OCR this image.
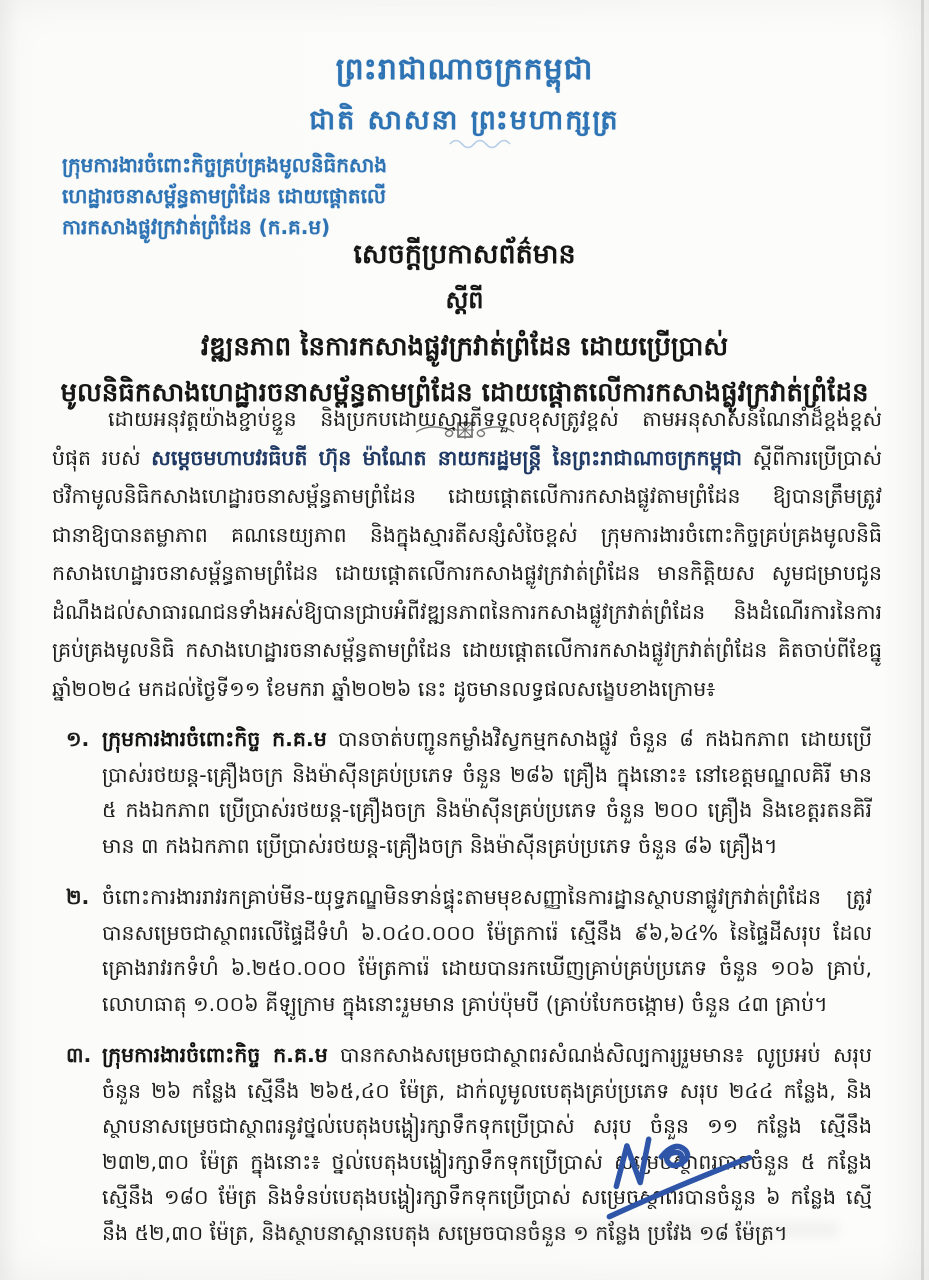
ព្រះរាជាណាចក្រកម្ពុជា
ជាតិ សាសនា ព្រះមហាក្សត្រ
ក្រុមការងារចំពោះកិច្ចគ្រប់គ្រងមូលនិធិកសាង
ហេដ្ឋារចនាសម្ព័ន្ធតាមព្រំដែន ដោយផ្តោតលើ
ការកសាងផ្លូវក្រវាត់ព្រំដែន (ក.គ.ម)
សេចក្តីប្រកាសព័ត៌មាន
ស្តីពី
វឌ្ឍនភាព នៃការកសាងផ្លូវក្រវាត់ព្រំដែន ដោយប្រើប្រាស់
មូលនិធិកសាងហេដ្ឋារចនាសម្ព័ន្ធតាមព្រំដែន ដោយផ្តោតលើការកសាងផ្លូវក្រវាត់ព្រំដែន

ដោយអនុវត្តយ៉ាងខ្ជាប់ខ្ជួន និងប្រកបដោយស្មារតីទទួលខុសត្រូវខ្ពស់ តាមអនុសាសន៍ណែនាំដ៏ខ្ពង់ខ្ពស់បំផុត របស់ សម្តេចមហាបវរធិបតី ហ៊ុន ម៉ាណែត នាយករដ្ឋមន្ត្រី នៃព្រះរាជាណាចក្រកម្ពុជា ស្តីពីការប្រើប្រាស់ថវិកាមូលនិធិកសាងហេដ្ឋារចនាសម្ព័ន្ធតាមព្រំដែន ដោយផ្តោតលើការកសាងផ្លូវតាមព្រំដែន ឱ្យបានត្រឹមត្រូវ ជានាឱ្យបានតម្លាភាព គណនេយ្យភាព និងក្នុងស្មារតីសន្សំសំចៃខ្ពស់ ក្រុមការងារចំពោះកិច្ចគ្រប់គ្រងមូលនិធិកសាងហេដ្ឋារចនាសម្ព័ន្ធតាមព្រំដែន ដោយផ្តោតលើការកសាងផ្លូវក្រវាត់ព្រំដែន មានកិត្តិយស សូមជម្រាបជូនដំណឹងដល់សាធារណជនទាំងអស់ឱ្យបានជ្រាបអំពីវឌ្ឍនភាពនៃការកសាងផ្លូវក្រវាត់ព្រំដែន និងដំណើរការនៃការគ្រប់គ្រងមូលនិធិ កសាងហេដ្ឋារចនាសម្ព័ន្ធតាមព្រំដែន ដោយផ្តោតលើការកសាងផ្លូវក្រវាត់ព្រំដែន គិតចាប់ពីខែធ្នូ ឆ្នាំ២០២៤ មកដល់ថ្ងៃទី១១ ខែមករា ឆ្នាំ២០២៦ នេះ ដូចមានលទ្ធផលសង្ខេបខាងក្រោម៖

១. ក្រុមការងារចំពោះកិច្ច ក.គ.ម បានចាត់បញ្ជូនកម្លាំងវិស្វកម្មកសាងផ្លូវ ចំនួន ៨ កងឯកភាព ដោយប្រើប្រាស់រថយន្ត-គ្រឿងចក្រ និងម៉ាស៊ីនគ្រប់ប្រភេទ ចំនួន ២៨៦ គ្រឿង ក្នុងនោះ៖ នៅខេត្តមណ្ឌលគិរី មាន ៥ កងឯកភាព ប្រើប្រាស់រថយន្ត-គ្រឿងចក្រ និងម៉ាស៊ីនគ្រប់ប្រភេទ ចំនួន ២០០ គ្រឿង និងខេត្តរតនគិរី មាន ៣ កងឯកភាព ប្រើប្រាស់រថយន្ត-គ្រឿងចក្រ និងម៉ាស៊ីនគ្រប់ប្រភេទ ចំនួន ៨៦ គ្រឿង។

២. ចំពោះការងាររាវរកគ្រាប់មីន-យុទ្ធភណ្ឌមិនទាន់ផ្ទុះតាមមុខសញ្ញានៃការដ្ឋានស្ថាបនាផ្លូវក្រវាត់ព្រំដែន ត្រូវបានសម្រេចជាស្ថាពរលើផ្ទៃដីទំហំ ៦.០៤០.០០០ ម៉ែត្រការ៉េ ស្មើនឹង ៩៦,៦៤% នៃផ្ទៃដីសរុប ដែលគ្រោងរាវរកទំហំ ៦.២៥០.០០០ ម៉ែត្រការ៉េ ដោយបានរកឃើញគ្រាប់គ្រប់ប្រភេទ ចំនួន ១០៦ គ្រាប់, លោហធាតុ ១.០០៦ គីឡូក្រាម ក្នុងនោះរួមមាន គ្រាប់ប៉ុមបី (គ្រាប់បែកចង្កោម) ចំនួន ៤៣ គ្រាប់។

៣. ក្រុមការងារចំពោះកិច្ច ក.គ.ម បានកសាងសម្រេចជាស្ថាពរសំណង់សិល្បការ្យរួមមាន៖ លូប្រអប់ សរុបចំនួន ២៦ កន្លែង ស្មើនឹង ២៦៥,៤០ ម៉ែត្រ, ដាក់លូមូលបេតុងគ្រប់ប្រភេទ សរុប ២៤៤ កន្លែង, និងស្ថាបនាសម្រេចជាស្ថាពរនូវថ្នល់បេតុងបង្ហៀរក្សាទឹកទុកប្រើប្រាស់ សរុប ចំនួន ១១ កន្លែង ស្មើនឹង ២៣២,៣០ ម៉ែត្រ ក្នុងនោះ៖ ថ្នល់បេតុងបង្ហៀរក្សាទឹកទុកប្រើប្រាស់ សម្រេចស្ថាពរបានចំនួន ៥ កន្លែង ស្មើនឹង ១៨០ ម៉ែត្រ និងទំនប់បេតុងបង្ហៀរក្សាទឹកទុកប្រើប្រាស់ សម្រេចស្ថាពរបានចំនួន ៦ កន្លែង ស្មើនឹង ៥២,៣០ ម៉ែត្រ, និងស្ថាបនាស្ពានបេតុង សម្រេចបានចំនួន ១ កន្លែង ប្រវែង ១៨ ម៉ែត្រ។
